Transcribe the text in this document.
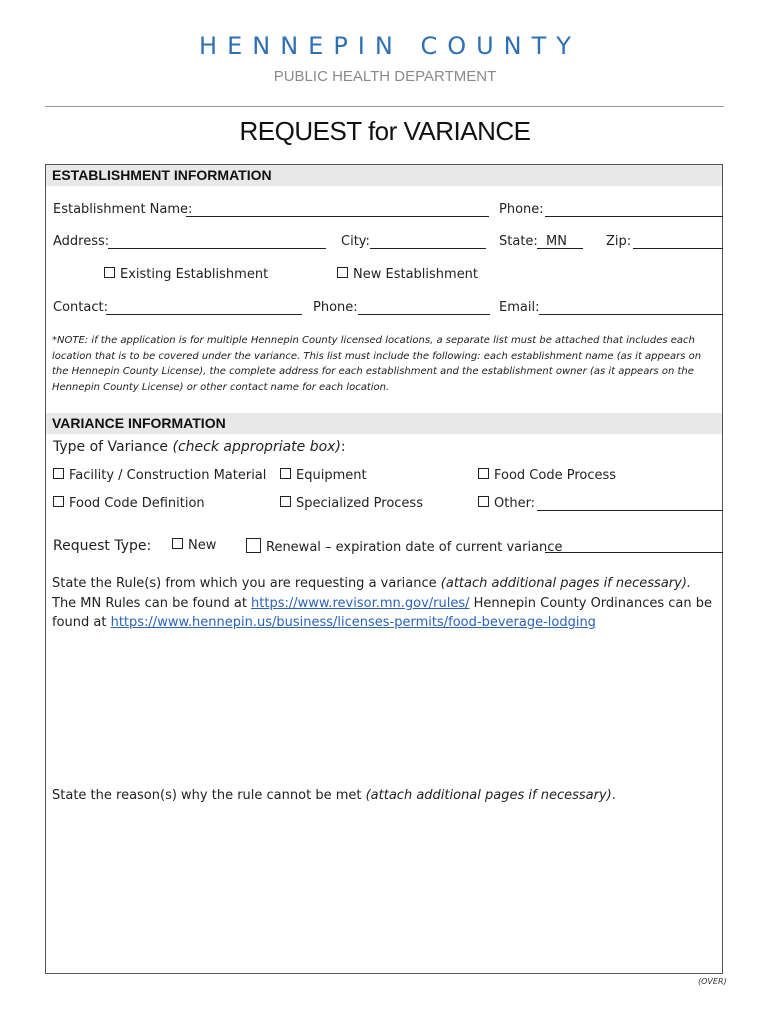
HENNEPIN COUNTY
PUBLIC HEALTH DEPARTMENT
REQUEST for VARIANCE
ESTABLISHMENT INFORMATION
Establishment Name:	Phone:
Address:	City:	State: MN	Zip:
Existing Establishment	New Establishment
Contact:	Phone:	Email:
*NOTE: if the application is for multiple Hennepin County licensed locations, a separate list must be attached that includes each location that is to be covered under the variance. This list must include the following: each establishment name (as it appears on the Hennepin County License), the complete address for each establishment and the establishment owner (as it appears on the Hennepin County License) or other contact name for each location.
VARIANCE INFORMATION
Type of Variance (check appropriate box):
Facility / Construction Material	Equipment	Food Code Process
Food Code Definition	Specialized Process	Other:
Request Type:	New	Renewal – expiration date of current variance
State the Rule(s) from which you are requesting a variance (attach additional pages if necessary). The MN Rules can be found at https://www.revisor.mn.gov/rules/ Hennepin County Ordinances can be found at https://www.hennepin.us/business/licenses-permits/food-beverage-lodging
State the reason(s) why the rule cannot be met (attach additional pages if necessary).
(OVER)
